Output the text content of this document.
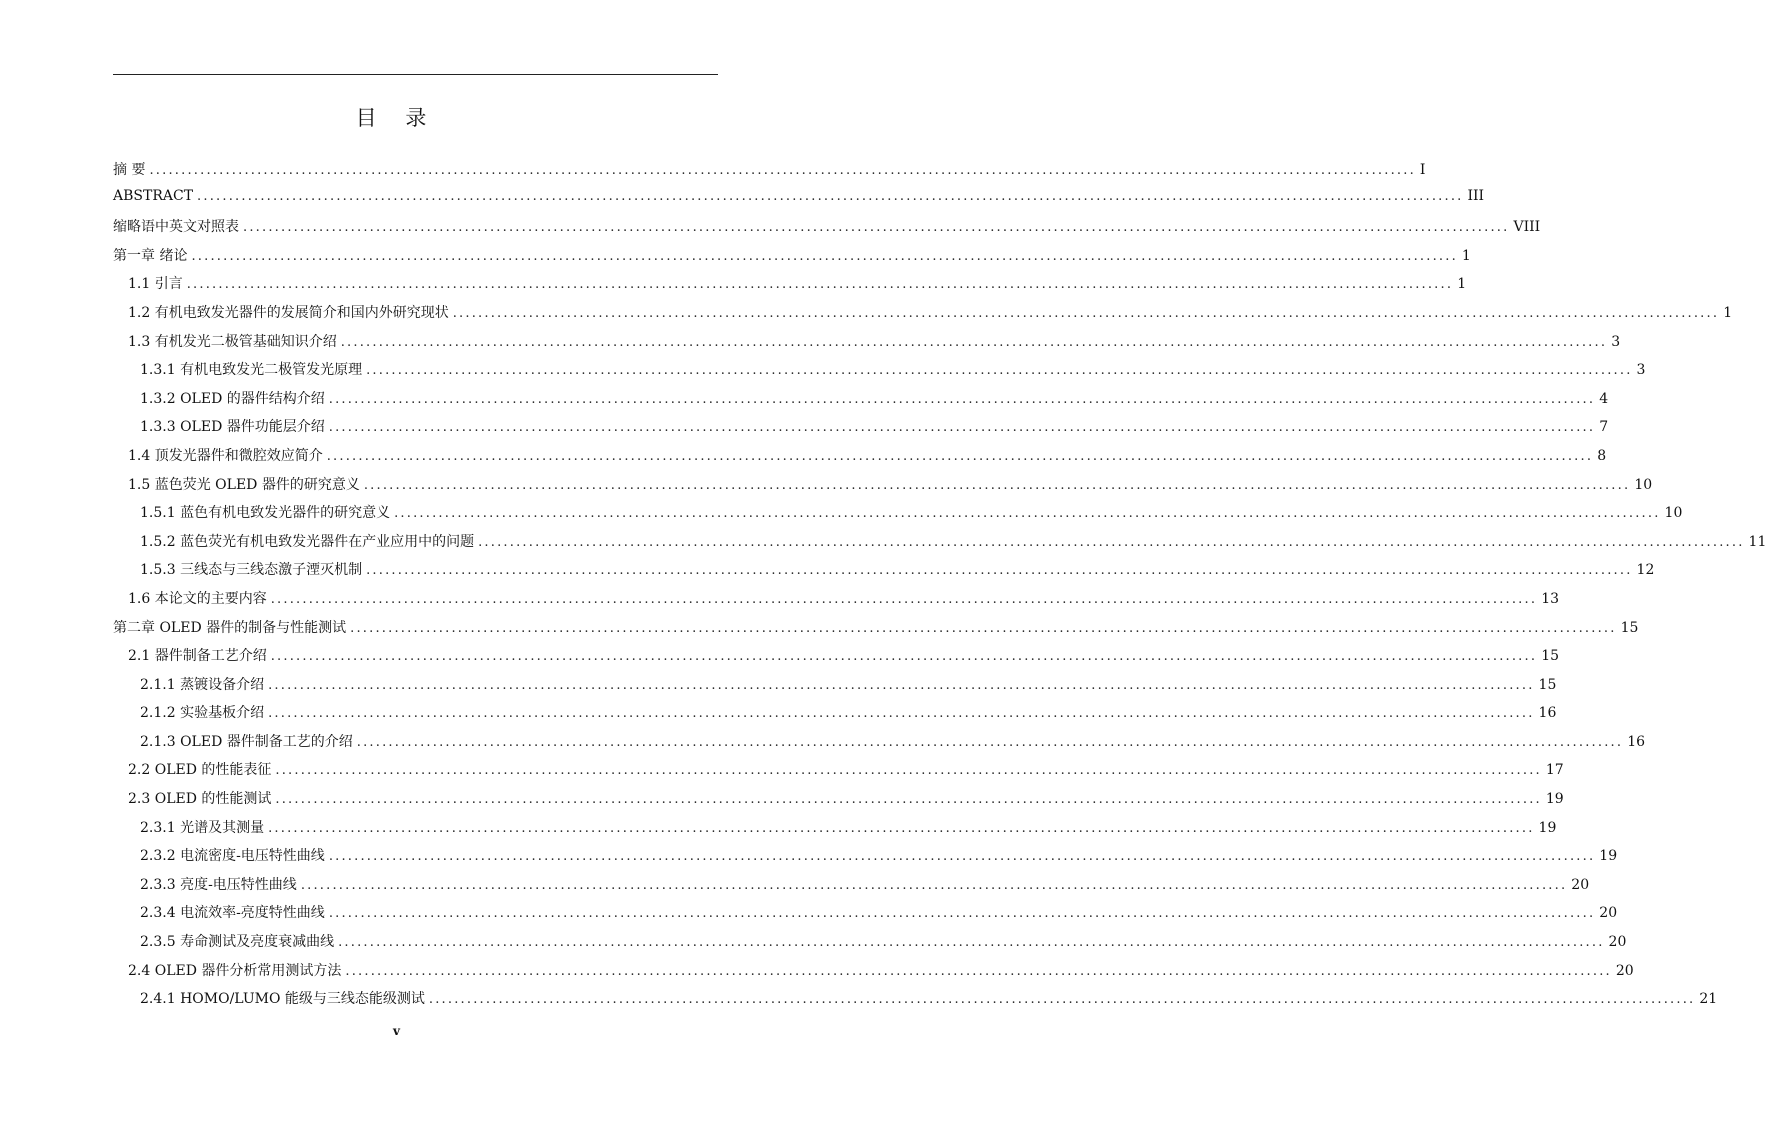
目 录
摘 要 ........................................................................................................................................................................................................ I
ABSTRACT ........................................................................................................................................................................................................ III
缩略语中英文对照表 ........................................................................................................................................................................................................ VIII
第一章 绪论 ........................................................................................................................................................................................................ 1
1.1 引言 ........................................................................................................................................................................................................ 1
1.2 有机电致发光器件的发展简介和国内外研究现状 ........................................................................................................................................................................................................ 1
1.3 有机发光二极管基础知识介绍 ........................................................................................................................................................................................................ 3
1.3.1 有机电致发光二极管发光原理 ........................................................................................................................................................................................................ 3
1.3.2 OLED 的器件结构介绍 ........................................................................................................................................................................................................ 4
1.3.3 OLED 器件功能层介绍 ........................................................................................................................................................................................................ 7
1.4 顶发光器件和微腔效应简介 ........................................................................................................................................................................................................ 8
1.5 蓝色荧光 OLED 器件的研究意义 ........................................................................................................................................................................................................ 10
1.5.1 蓝色有机电致发光器件的研究意义 ........................................................................................................................................................................................................ 10
1.5.2 蓝色荧光有机电致发光器件在产业应用中的问题 ........................................................................................................................................................................................................ 11
1.5.3 三线态与三线态激子湮灭机制 ........................................................................................................................................................................................................ 12
1.6 本论文的主要内容 ........................................................................................................................................................................................................ 13
第二章 OLED 器件的制备与性能测试 ........................................................................................................................................................................................................ 15
2.1 器件制备工艺介绍 ........................................................................................................................................................................................................ 15
2.1.1 蒸镀设备介绍 ........................................................................................................................................................................................................ 15
2.1.2 实验基板介绍 ........................................................................................................................................................................................................ 16
2.1.3 OLED 器件制备工艺的介绍 ........................................................................................................................................................................................................ 16
2.2 OLED 的性能表征 ........................................................................................................................................................................................................ 17
2.3 OLED 的性能测试 ........................................................................................................................................................................................................ 19
2.3.1 光谱及其测量 ........................................................................................................................................................................................................ 19
2.3.2 电流密度-电压特性曲线 ........................................................................................................................................................................................................ 19
2.3.3 亮度-电压特性曲线 ........................................................................................................................................................................................................ 20
2.3.4 电流效率-亮度特性曲线 ........................................................................................................................................................................................................ 20
2.3.5 寿命测试及亮度衰减曲线 ........................................................................................................................................................................................................ 20
2.4 OLED 器件分析常用测试方法 ........................................................................................................................................................................................................ 20
2.4.1 HOMO/LUMO 能级与三线态能级测试 ........................................................................................................................................................................................................ 21
v
